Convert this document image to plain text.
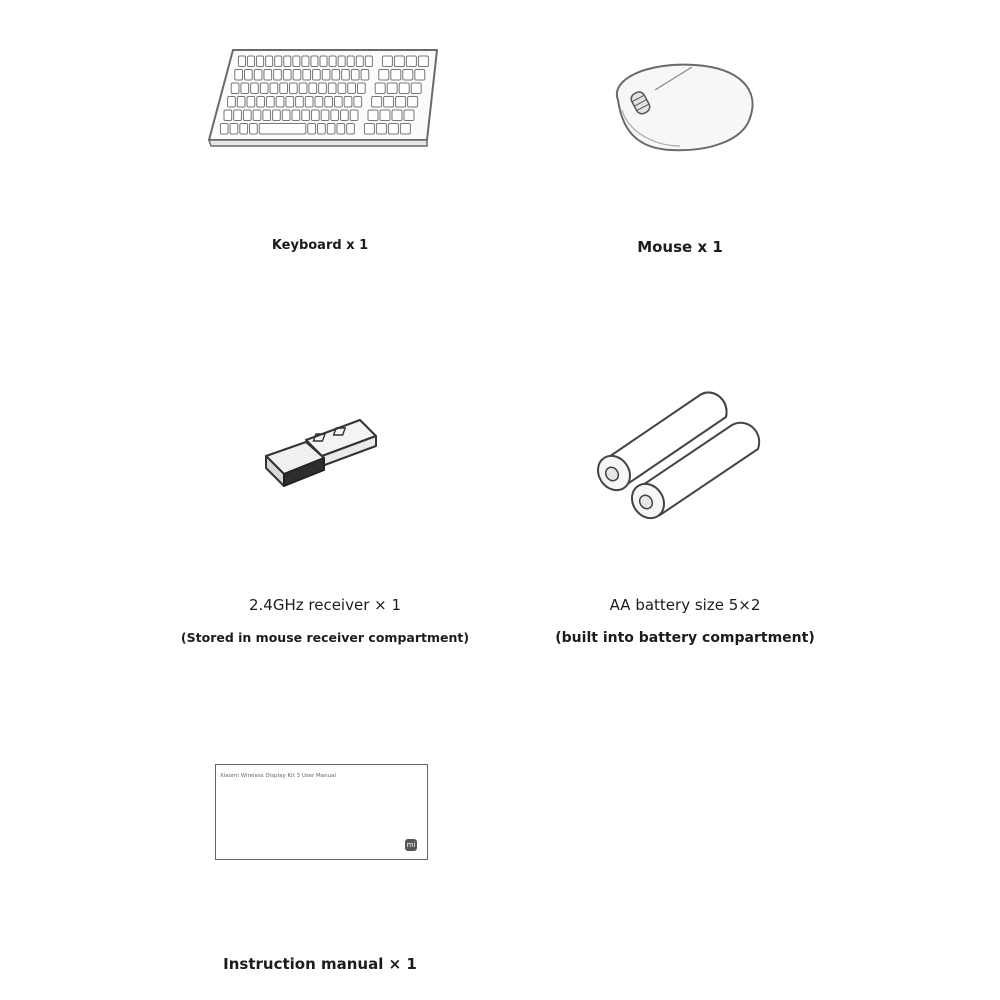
Keyboard x 1	Mouse x 1
2.4GHz receiver × 1
(Stored in mouse receiver compartment)
AA battery size 5×2
(built into battery compartment)
Xiaomi Wireless Display Kit 3 User Manual
mi
Instruction manual × 1
